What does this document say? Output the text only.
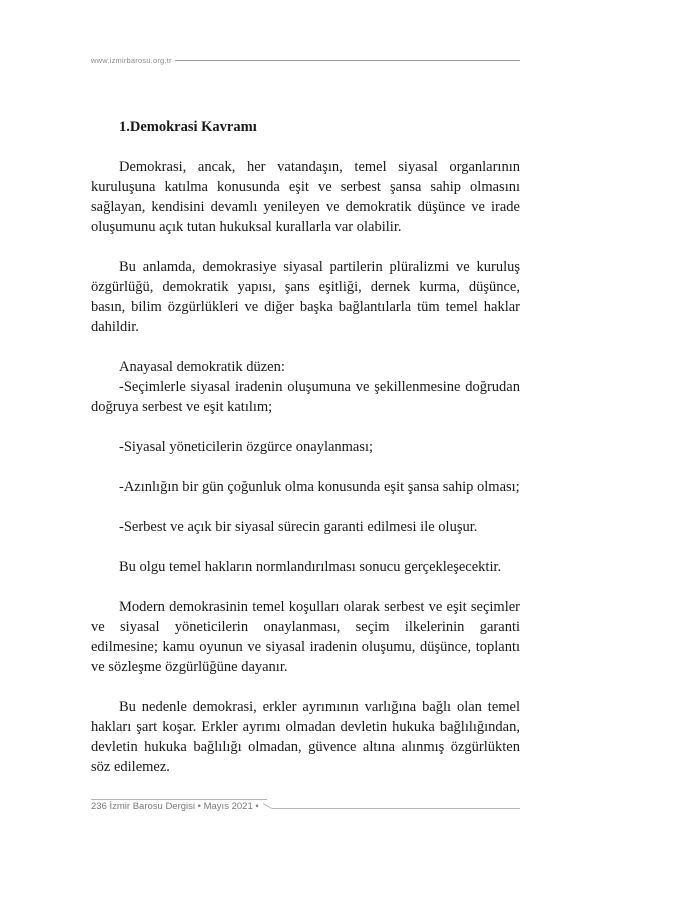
www.izmirbarosu.org.tr

1.Demokrasi Kavramı

Demokrasi, ancak, her vatandaşın, temel siyasal organlarının kuruluşuna katılma konusunda eşit ve serbest şansa sahip olmasını sağlayan, kendisini devamlı yenileyen ve demokratik düşünce ve irade oluşumunu açık tutan hukuksal kurallarla var olabilir.

Bu anlamda, demokrasiye siyasal partilerin plüralizmi ve kuruluş özgürlüğü, demokratik yapısı, şans eşitliği, dernek kurma, düşünce, basın, bilim özgürlükleri ve diğer başka bağlantılarla tüm temel haklar dahildir.

Anayasal demokratik düzen:

-Seçimlerle siyasal iradenin oluşumuna ve şekillenmesine doğrudan doğruya serbest ve eşit katılım;

-Siyasal yöneticilerin özgürce onaylanması;

-Azınlığın bir gün çoğunluk olma konusunda eşit şansa sahip olması;

-Serbest ve açık bir siyasal sürecin garanti edilmesi ile oluşur.

Bu olgu temel hakların normlandırılması sonucu gerçekleşecektir.

Modern demokrasinin temel koşulları olarak serbest ve eşit seçimler ve siyasal yöneticilerin onaylanması, seçim ilkelerinin garanti edilmesine; kamu oyunun ve siyasal iradenin oluşumu, düşünce, toplantı ve sözleşme özgürlüğüne dayanır.

Bu nedenle demokrasi, erkler ayrımının varlığına bağlı olan temel hakları şart koşar. Erkler ayrımı olmadan devletin hukuka bağlılığından, devletin hukuka bağlılığı olmadan, güvence altına alınmış özgürlükten söz edilemez.

236 İzmir Barosu Dergisi • Mayıs 2021 •
